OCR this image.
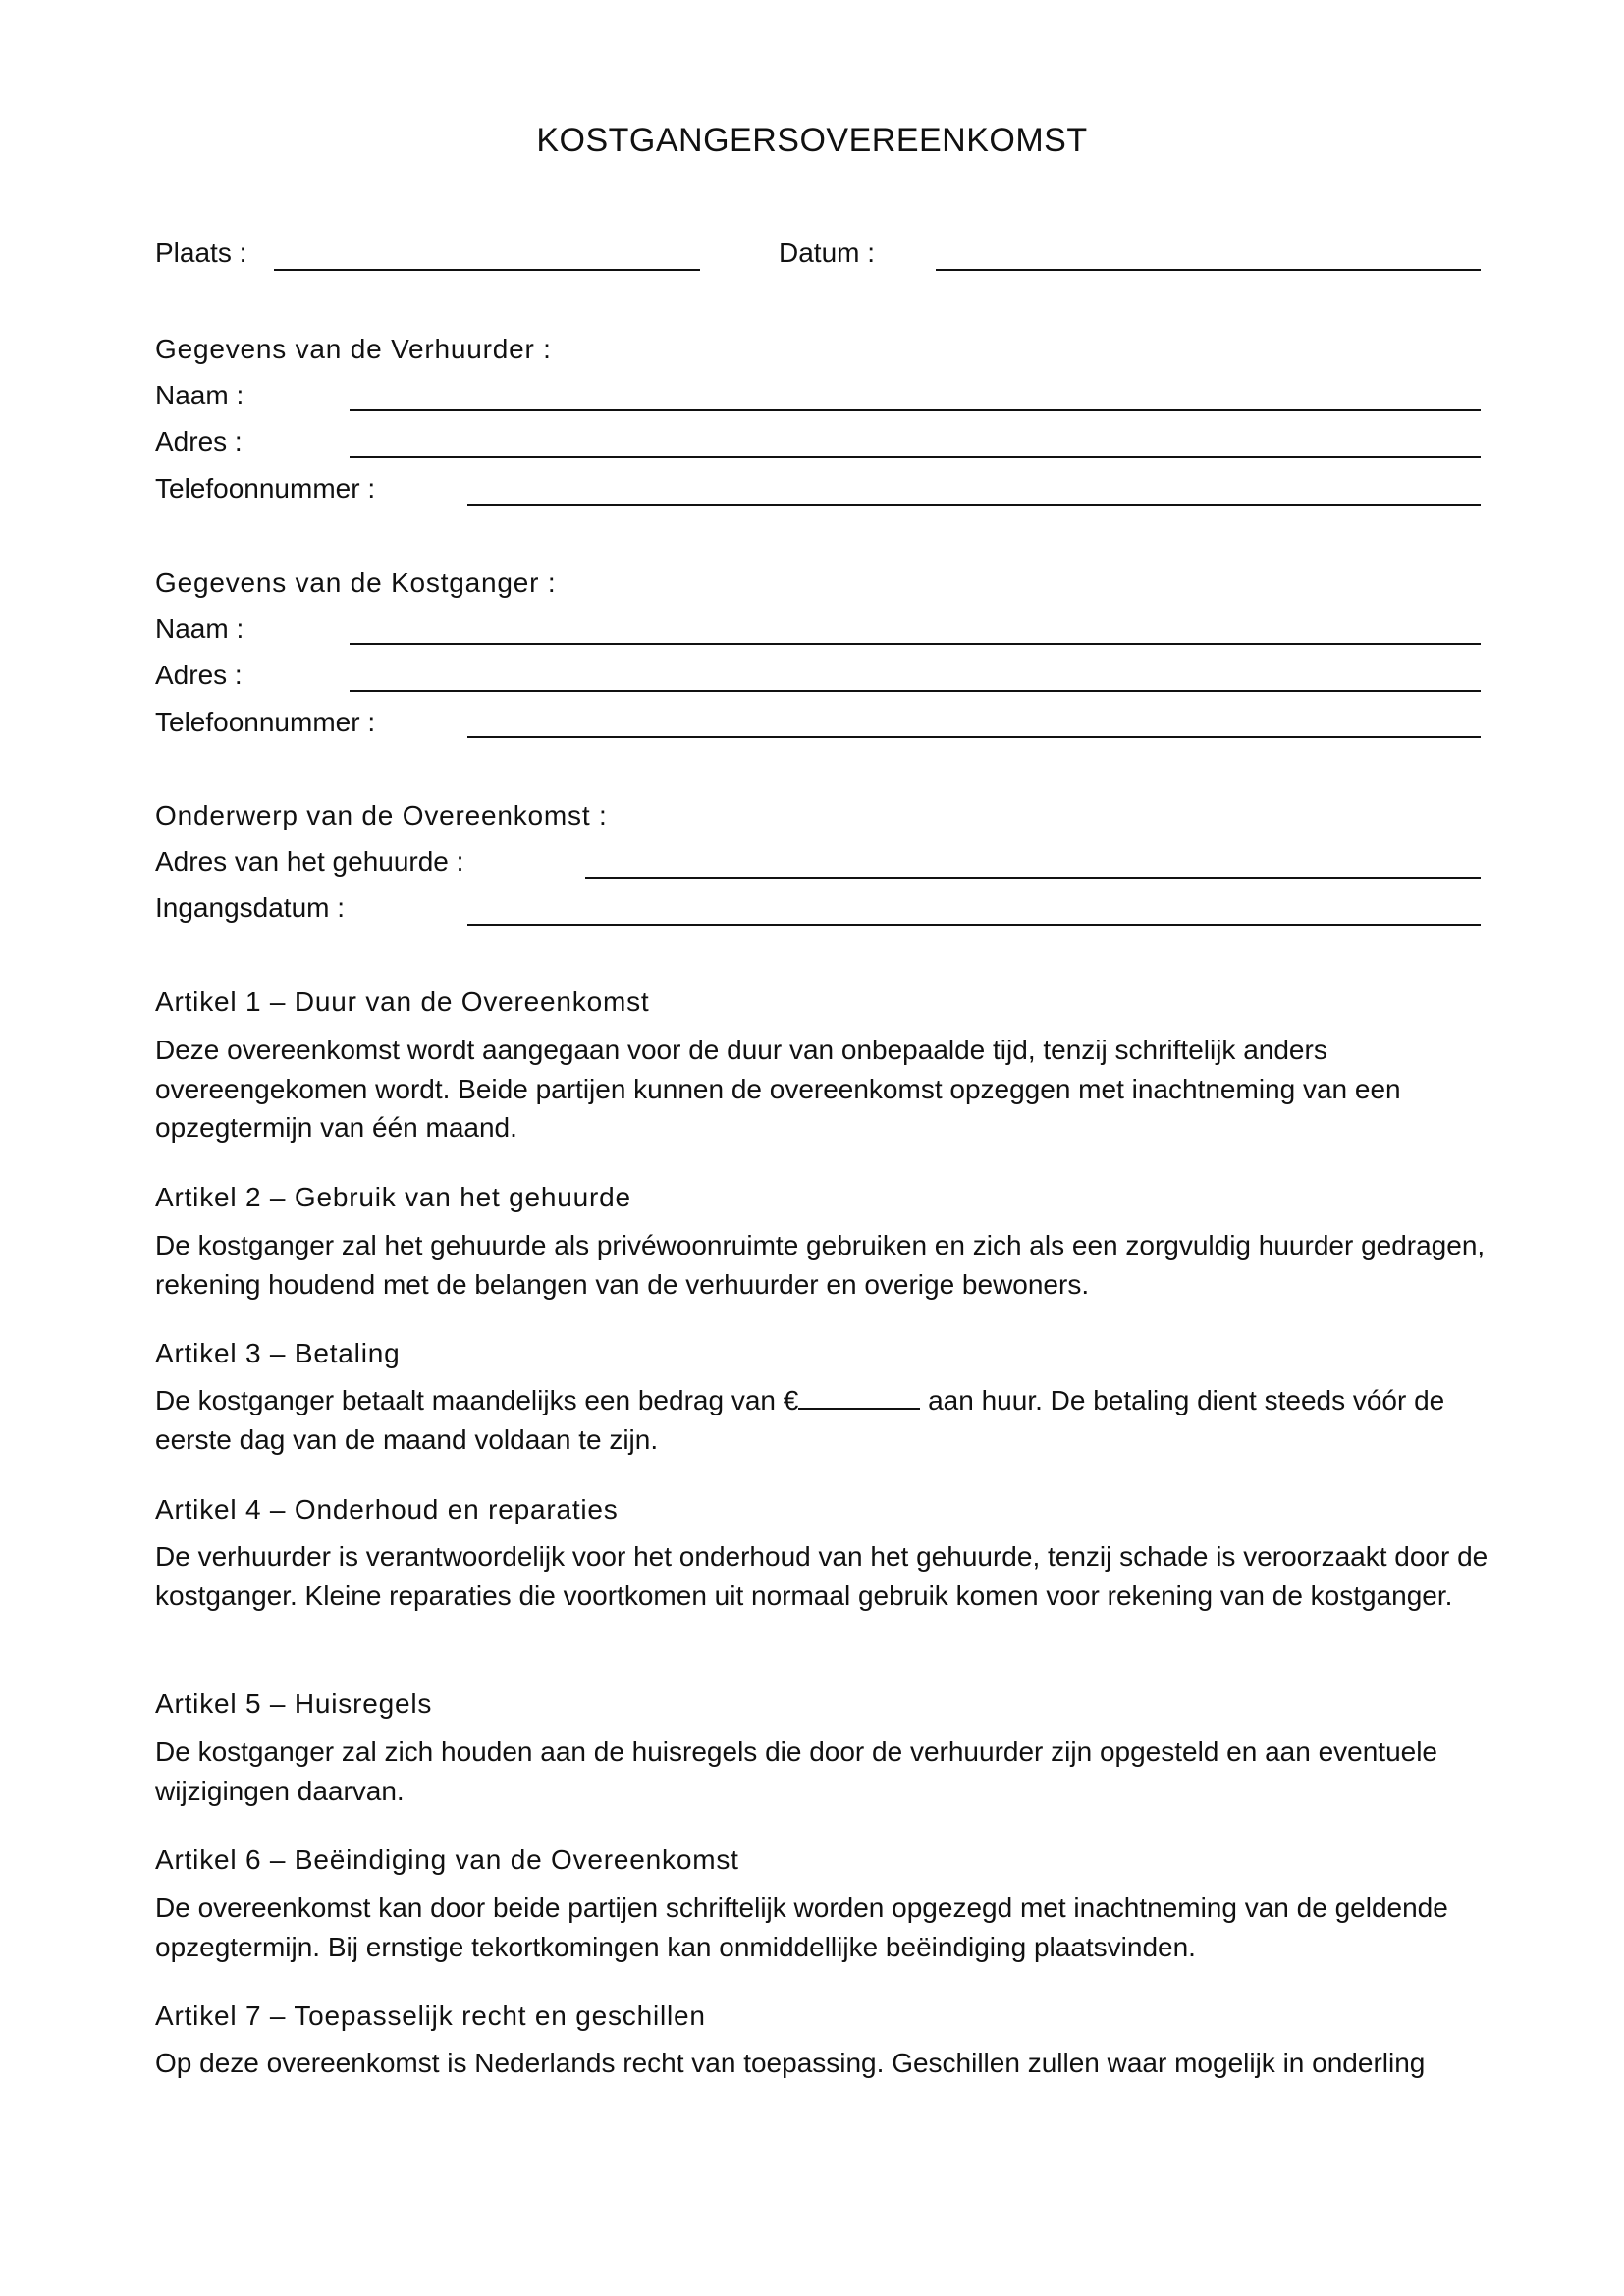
KOSTGANGERSOVEREENKOMST
Plaats :	Datum :
Gegevens van de Verhuurder :
Naam :
Adres :
Telefoonnummer :
Gegevens van de Kostganger :
Naam :
Adres :
Telefoonnummer :
Onderwerp van de Overeenkomst :
Adres van het gehuurde :
Ingangsdatum :
Artikel 1 – Duur van de Overeenkomst
Deze overeenkomst wordt aangegaan voor de duur van onbepaalde tijd, tenzij schriftelijk anders overeengekomen wordt. Beide partijen kunnen de overeenkomst opzeggen met inachtneming van een opzegtermijn van één maand.
Artikel 2 – Gebruik van het gehuurde
De kostganger zal het gehuurde als privéwoonruimte gebruiken en zich als een zorgvuldig huurder gedragen, rekening houdend met de belangen van de verhuurder en overige bewoners.
Artikel 3 – Betaling
De kostganger betaalt maandelijks een bedrag van €	aan huur. De betaling dient steeds vóór de eerste dag van de maand voldaan te zijn.
Artikel 4 – Onderhoud en reparaties
De verhuurder is verantwoordelijk voor het onderhoud van het gehuurde, tenzij schade is veroorzaakt door de kostganger. Kleine reparaties die voortkomen uit normaal gebruik komen voor rekening van de kostganger.
Artikel 5 – Huisregels
De kostganger zal zich houden aan de huisregels die door de verhuurder zijn opgesteld en aan eventuele wijzigingen daarvan.
Artikel 6 – Beëindiging van de Overeenkomst
De overeenkomst kan door beide partijen schriftelijk worden opgezegd met inachtneming van de geldende opzegtermijn. Bij ernstige tekortkomingen kan onmiddellijke beëindiging plaatsvinden.
Artikel 7 – Toepasselijk recht en geschillen
Op deze overeenkomst is Nederlands recht van toepassing. Geschillen zullen waar mogelijk in onderling
